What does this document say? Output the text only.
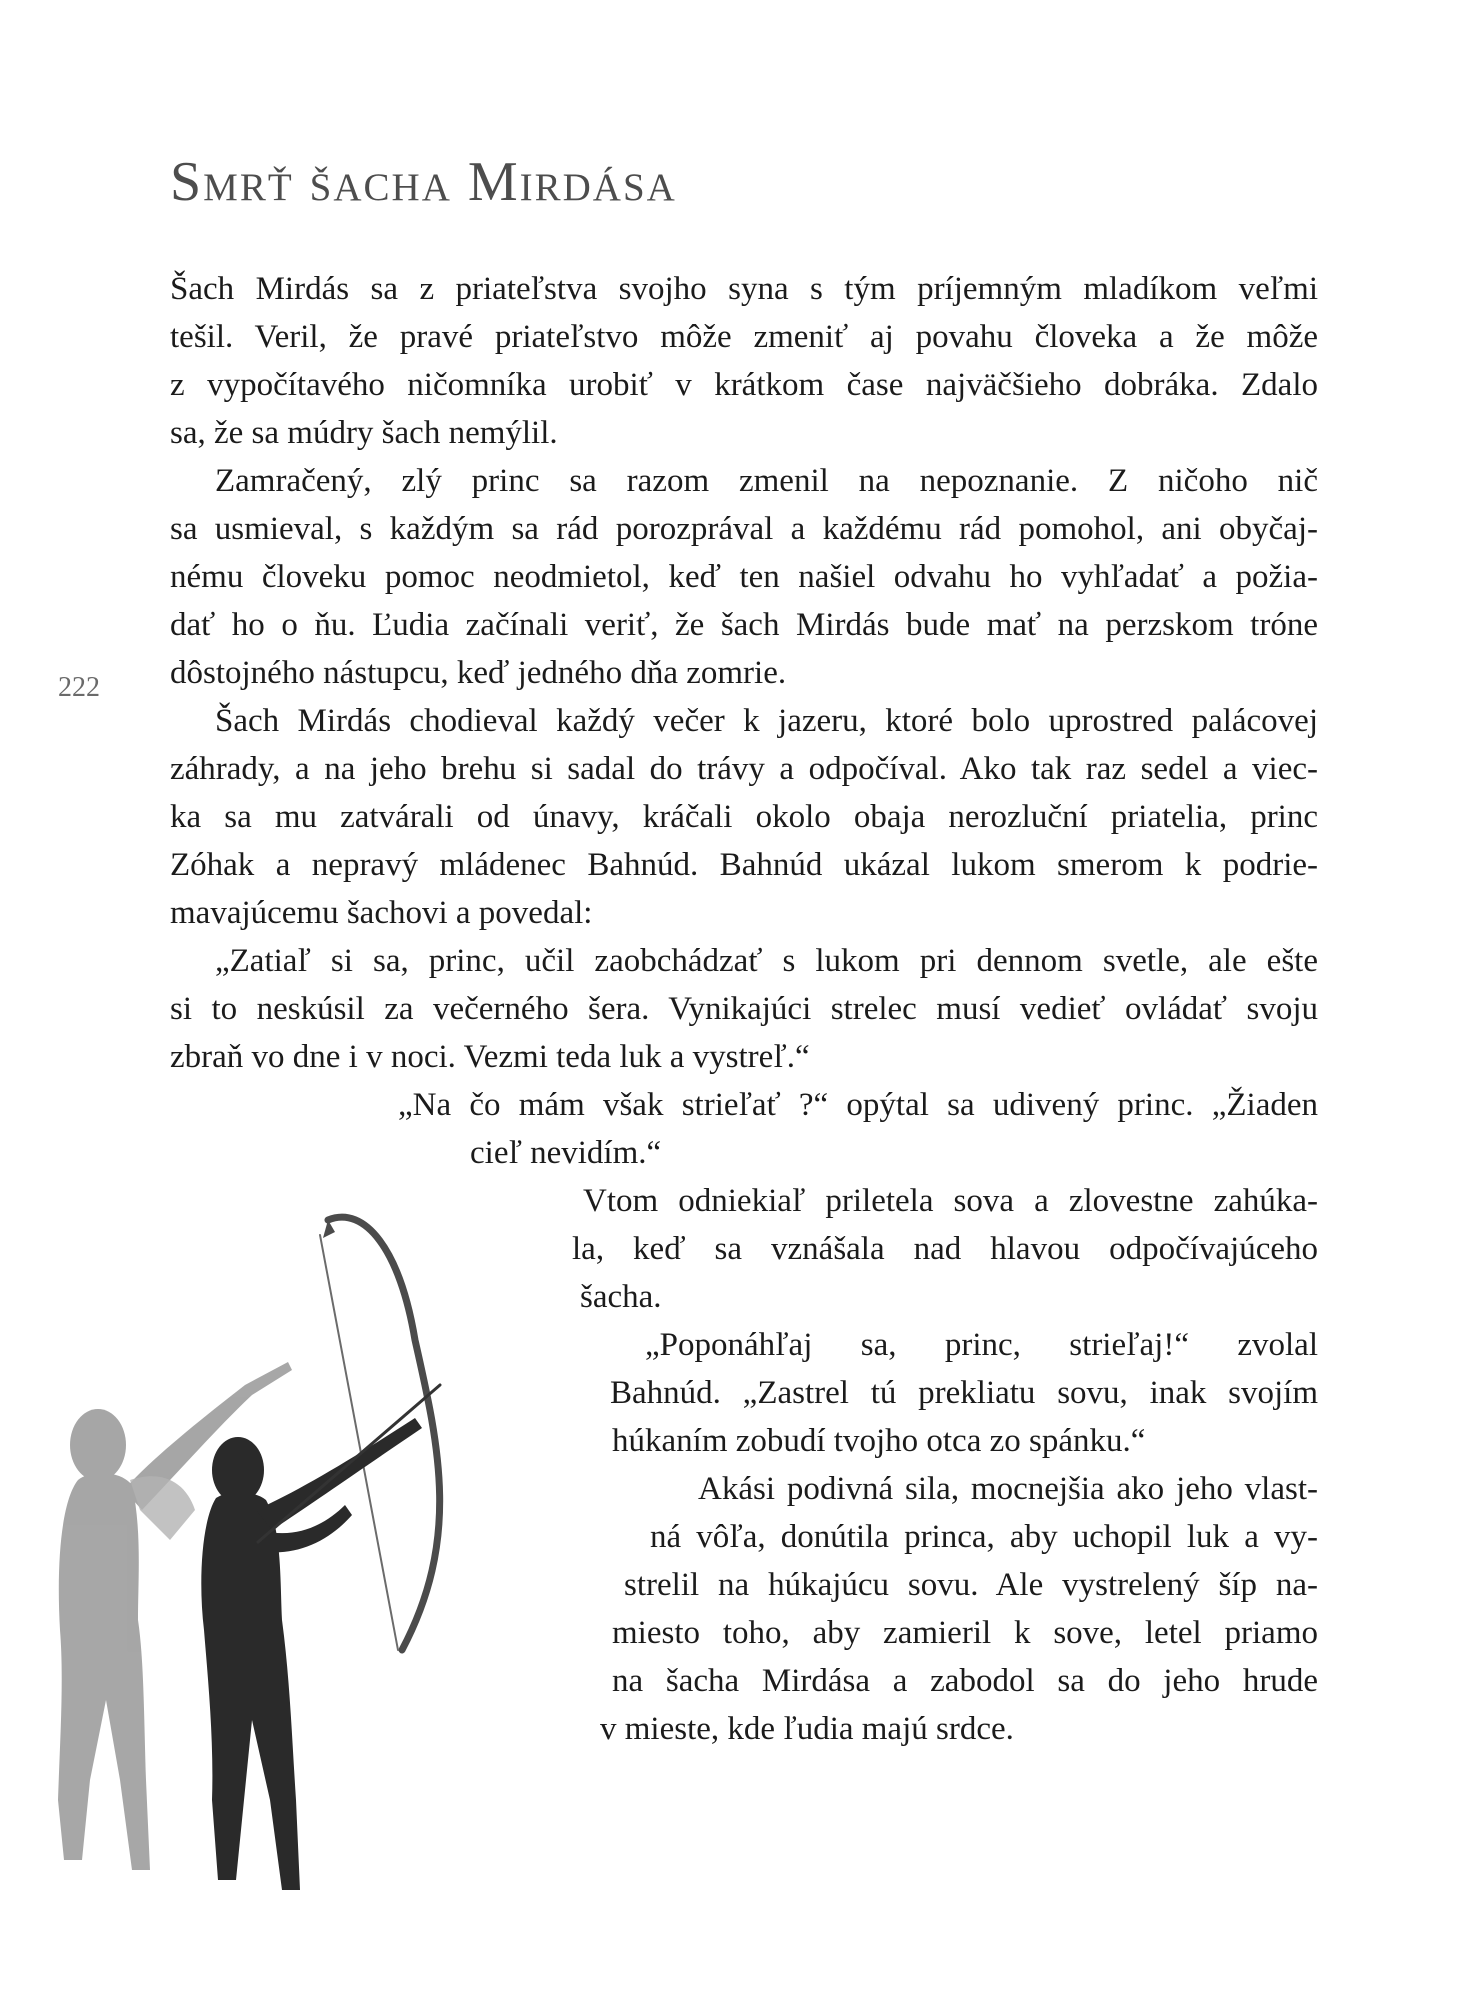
Smrť šacha Mirdása
222
Šach Mirdás sa z priateľstva svojho syna s tým príjemným mladíkom veľmi
tešil. Veril, že pravé priateľstvo môže zmeniť aj povahu človeka a že môže
z vypočítavého ničomníka urobiť v krátkom čase najväčšieho dobráka. Zdalo
sa, že sa múdry šach nemýlil.
Zamračený, zlý princ sa razom zmenil na nepoznanie. Z ničoho nič
sa usmieval, s každým sa rád porozprával a každému rád pomohol, ani obyčaj-
nému človeku pomoc neodmietol, keď ten našiel odvahu ho vyhľadať a požia-
dať ho o ňu. Ľudia začínali veriť, že šach Mirdás bude mať na perzskom tróne
dôstojného nástupcu, keď jedného dňa zomrie.
Šach Mirdás chodieval každý večer k jazeru, ktoré bolo uprostred palácovej
záhrady, a na jeho brehu si sadal do trávy a odpočíval. Ako tak raz sedel a viec-
ka sa mu zatvárali od únavy, kráčali okolo obaja nerozluční priatelia, princ
Zóhak a nepravý mládenec Bahnúd. Bahnúd ukázal lukom smerom k podrie-
mavajúcemu šachovi a povedal:
„Zatiaľ si sa, princ, učil zaobchádzať s lukom pri dennom svetle, ale ešte
si to neskúsil za večerného šera. Vynikajúci strelec musí vedieť ovládať svoju
zbraň vo dne i v noci. Vezmi teda luk a vystreľ.“
„Na čo mám však strieľať ?“ opýtal sa udivený princ. „Žiaden
cieľ nevidím.“
Vtom odniekiaľ priletela sova a zlovestne zahúka-
la, keď sa vznášala nad hlavou odpočívajúceho
šacha.
„Poponáhľaj sa, princ, strieľaj!“ zvolal
Bahnúd. „Zastrel tú prekliatu sovu, inak svojím
húkaním zobudí tvojho otca zo spánku.“
Akási podivná sila, mocnejšia ako jeho vlast-
ná vôľa, donútila princa, aby uchopil luk a vy-
strelil na húkajúcu sovu. Ale vystrelený šíp na-
miesto toho, aby zamieril k sove, letel priamo
na šacha Mirdása a zabodol sa do jeho hrude
v mieste, kde ľudia majú srdce.
